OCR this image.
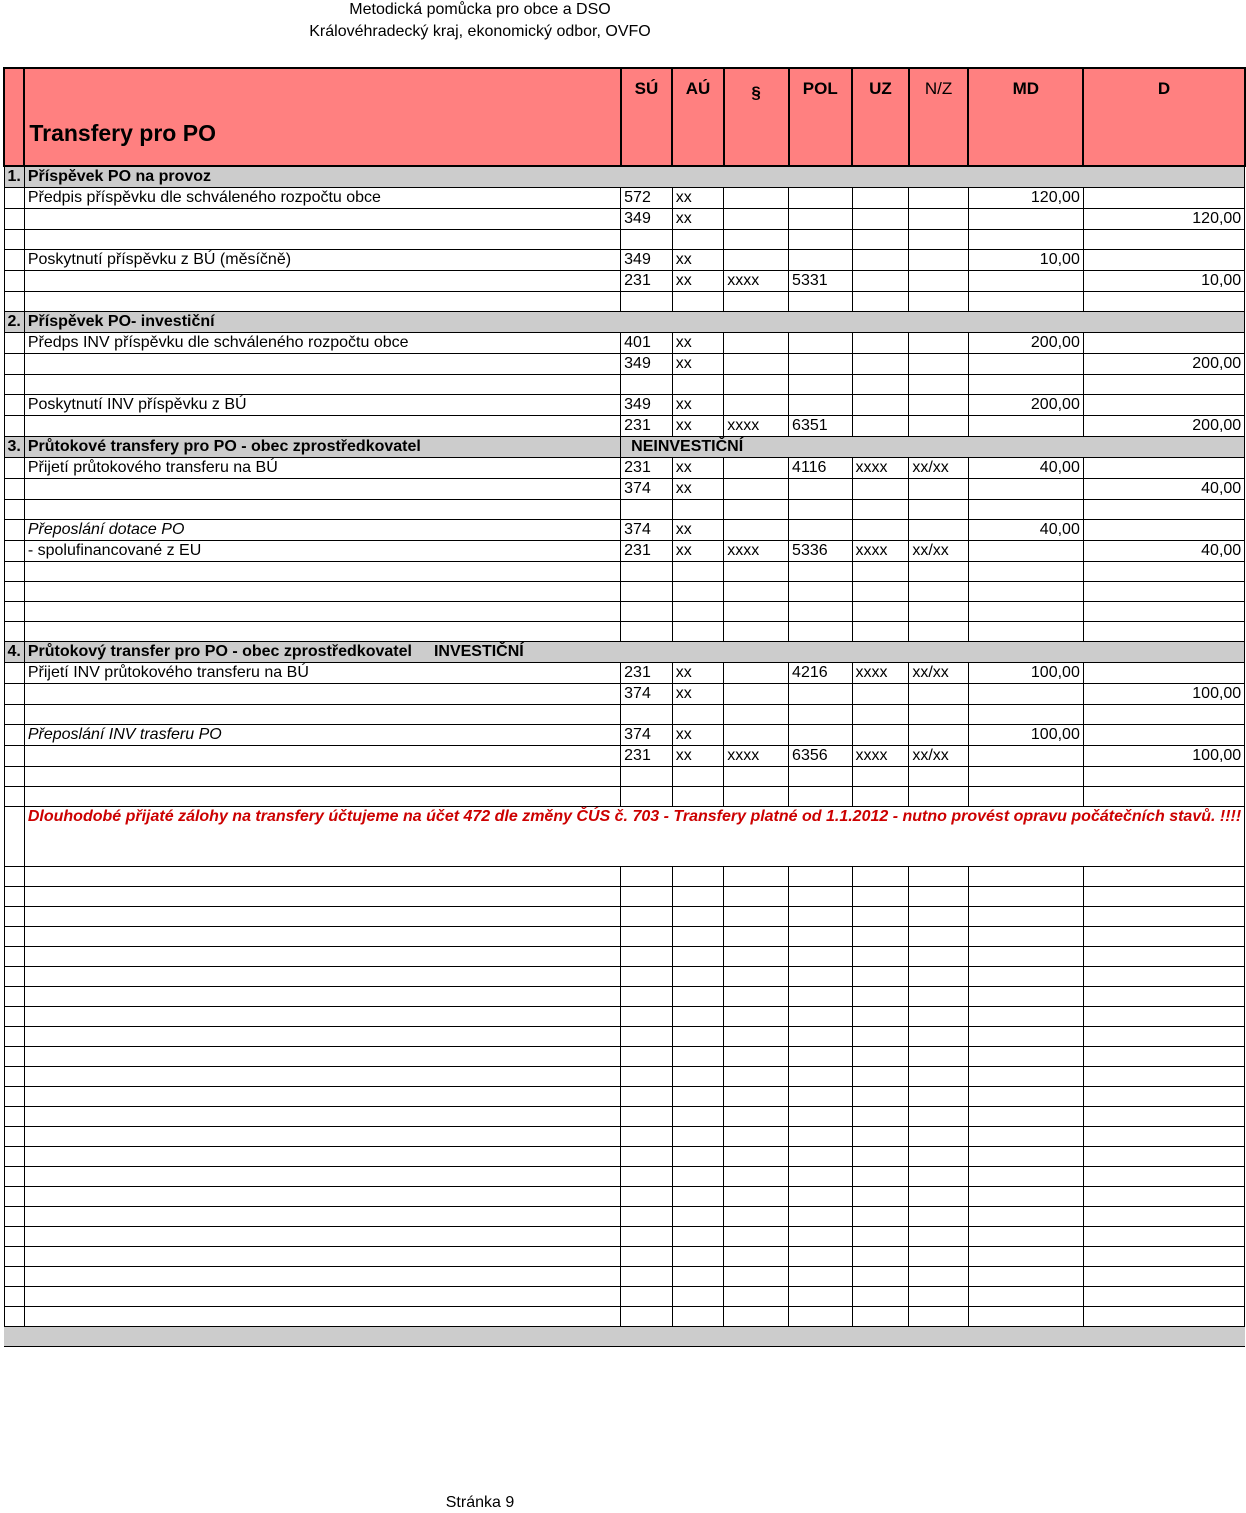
Metodická pomůcka pro obce a DSO
Královéhradecký kraj, ekonomický odbor, OVFO
	Transfery pro PO	SÚ	AÚ	§	POL	UZ	N/Z	MD	D
1.	Příspěvek PO na provoz								
	Předpis příspěvku dle schváleného rozpočtu obce	572	xx					120,00	
		349	xx						120,00

	Poskytnutí příspěvku z BÚ (měsíčně)	349	xx					10,00	
		231	xx	xxxx	5331				10,00

2.	Příspěvek PO- investiční								
	Předps INV příspěvku dle schváleného rozpočtu obce	401	xx					200,00	
		349	xx						200,00

	Poskytnutí INV příspěvku z BÚ	349	xx					200,00	
		231	xx	xxxx	6351				200,00
3.	Průtokové transfery pro PO - obec zprostředkovatel	NEINVESTIČNÍ							
	Přijetí průtokového transferu na BÚ	231	xx		4116	xxxx	xx/xx	40,00	
		374	xx						40,00

	Přeposlání dotace PO	374	xx					40,00	
	- spolufinancované z EU	231	xx	xxxx	5336	xxxx	xx/xx		40,00

4.	Průtokový transfer pro PO - obec zprostředkovatel INVESTIČNÍ								
	Přijetí INV průtokového transferu na BÚ	231	xx		4216	xxxx	xx/xx	100,00	
		374	xx						100,00

	Přeposlání INV trasferu PO	374	xx					100,00	
		231	xx	xxxx	6356	xxxx	xx/xx		100,00

	Dlouhodobé přijaté zálohy na transfery účtujeme na účet 472 dle změny ČÚS č. 703 - Transfery platné od 1.1.2012 - nutno provést opravu počátečních stavů. !!!!								

Stránka 9
